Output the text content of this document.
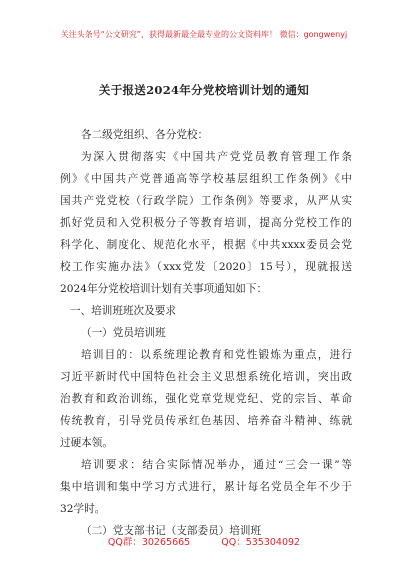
关注头条号“公文研究”，获得最新最全最专业的公文资料库！ 微信：gongwenyj
关于报送2024年分党校培训计划的通知
各二级党组织、各分党校：
为深入贯彻落实《中国共产党党员教育管理工作条
例》《中国共产党普通高等学校基层组织工作条例》《中
国共产党党校（行政学院）工作条例》等要求，从严从实
抓好党员和入党积极分子等教育培训，提高分党校工作的
科学化、制度化、规范化水平，根据《中共xxxx委员会党
校工作实施办法》（xxx党发〔2020〕15号），现就报送
2024年分党校培训计划有关事项通知如下：
一、培训班班次及要求
（一）党员培训班
培训目的：以系统理论教育和党性锻炼为重点，进行
习近平新时代中国特色社会主义思想系统化培训，突出政
治教育和政治训练，强化党章党规党纪、党的宗旨、革命
传统教育，引导党员传承红色基因、培养奋斗精神、练就
过硬本领。
培训要求：结合实际情况举办，通过“三会一课”等
集中培训和集中学习方式进行，累计每名党员全年不少于
32学时。
（二）党支部书记（支部委员）培训班
QQ群：30265665	QQ：535304092
